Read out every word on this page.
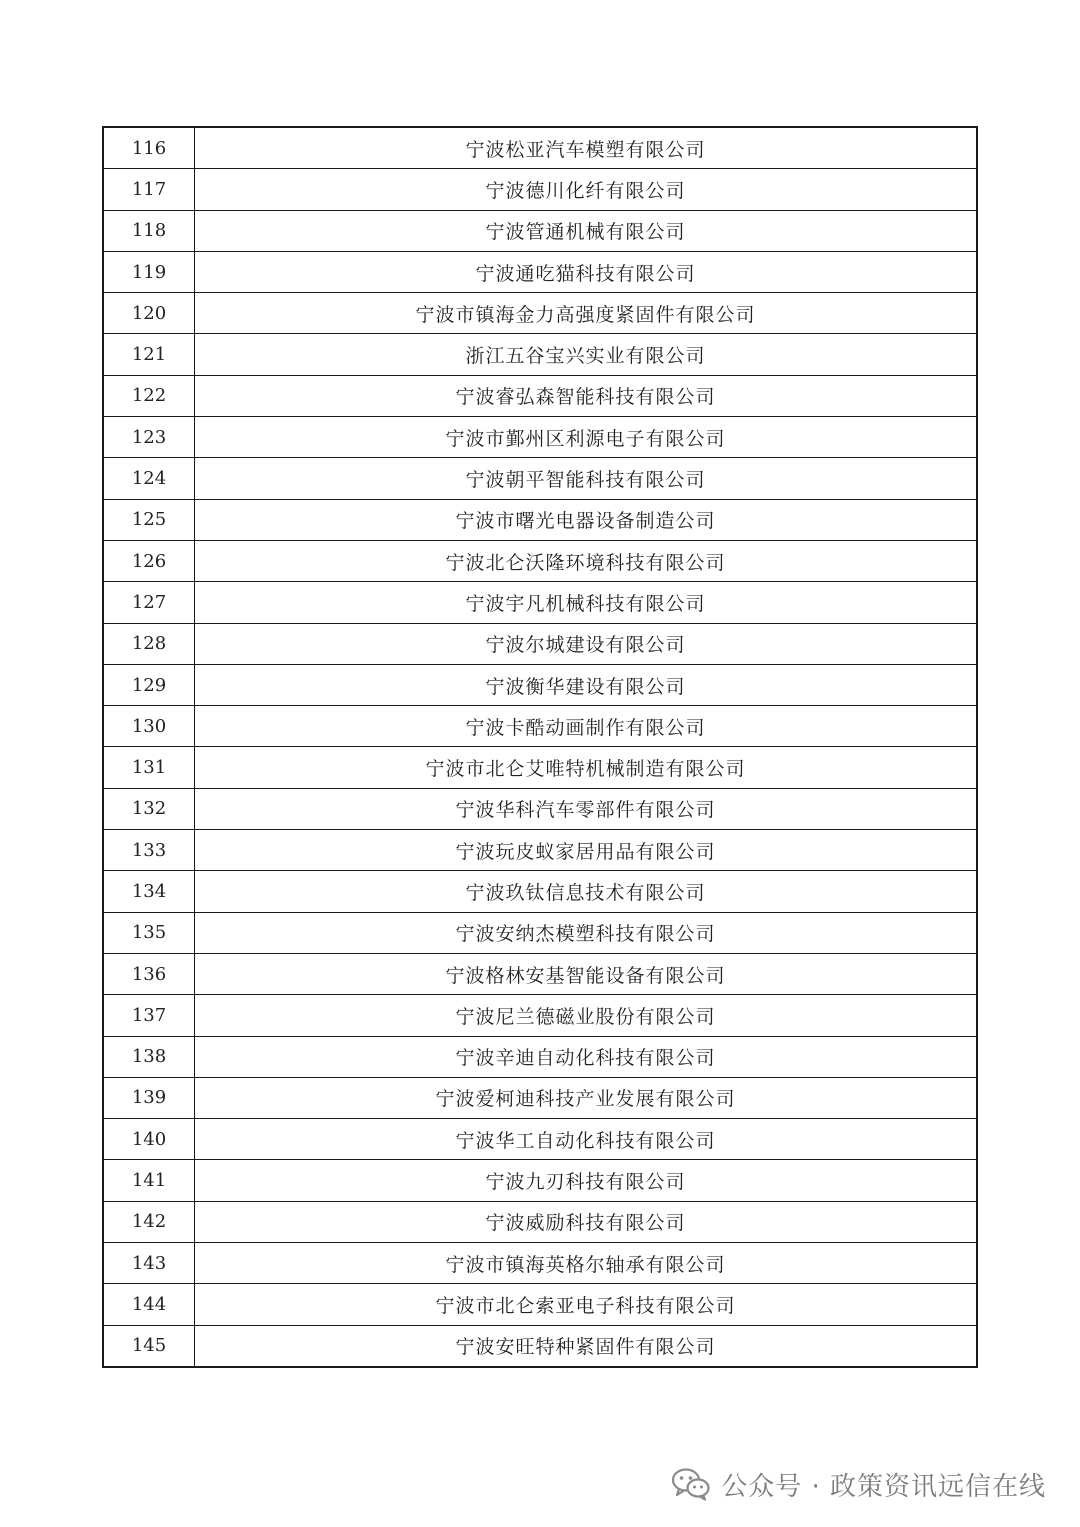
116	宁波松亚汽车模塑有限公司
117	宁波德川化纤有限公司
118	宁波管通机械有限公司
119	宁波通吃猫科技有限公司
120	宁波市镇海金力高强度紧固件有限公司
121	浙江五谷宝兴实业有限公司
122	宁波睿弘森智能科技有限公司
123	宁波市鄞州区利源电子有限公司
124	宁波朝平智能科技有限公司
125	宁波市曙光电器设备制造公司
126	宁波北仑沃隆环境科技有限公司
127	宁波宇凡机械科技有限公司
128	宁波尔城建设有限公司
129	宁波衡华建设有限公司
130	宁波卡酷动画制作有限公司
131	宁波市北仑艾唯特机械制造有限公司
132	宁波华科汽车零部件有限公司
133	宁波玩皮蚁家居用品有限公司
134	宁波玖钛信息技术有限公司
135	宁波安纳杰模塑科技有限公司
136	宁波格林安基智能设备有限公司
137	宁波尼兰德磁业股份有限公司
138	宁波辛迪自动化科技有限公司
139	宁波爱柯迪科技产业发展有限公司
140	宁波华工自动化科技有限公司
141	宁波九刃科技有限公司
142	宁波威励科技有限公司
143	宁波市镇海英格尔轴承有限公司
144	宁波市北仑索亚电子科技有限公司
145	宁波安旺特种紧固件有限公司
公众号 · 政策资讯远信在线
